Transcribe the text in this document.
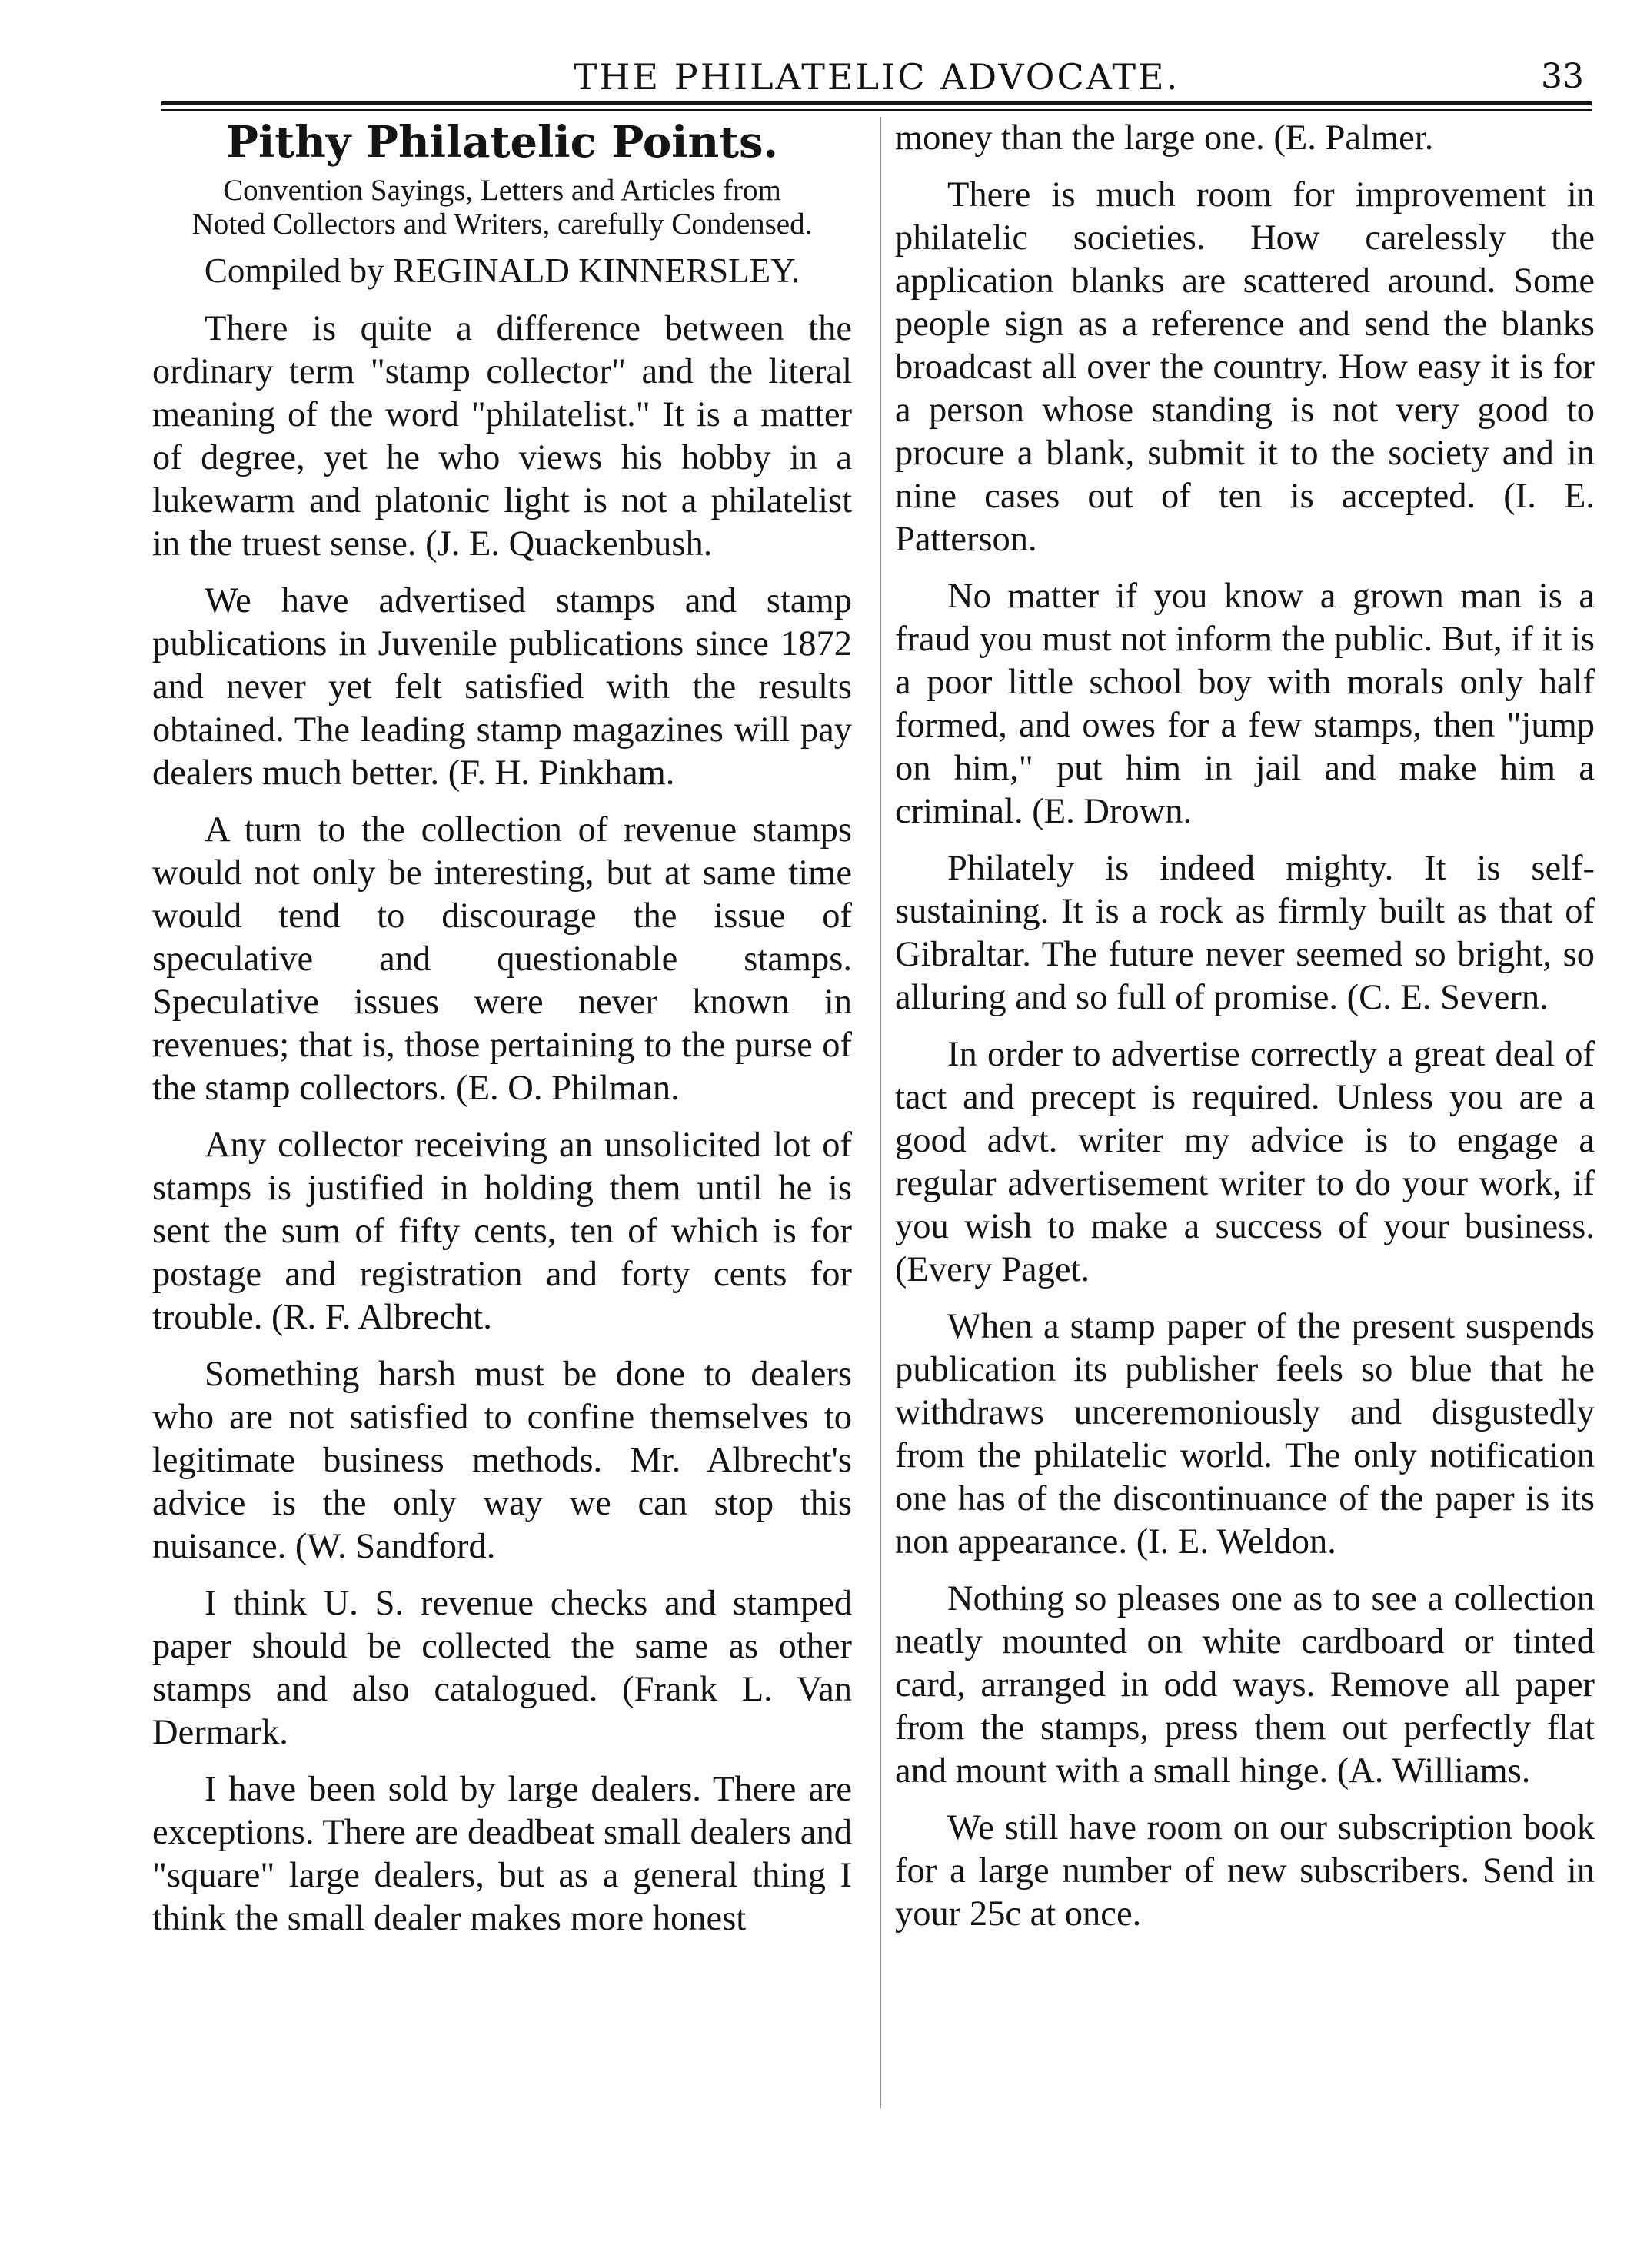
THE PHILATELIC ADVOCATE.	33
Pithy Philatelic Points.
Convention Sayings, Letters and Articles from Noted Collectors and Writers, carefully Condensed.
Compiled by REGINALD KINNERSLEY.

There is quite a difference between the ordinary term "stamp collector" and the literal meaning of the word "philatelist." It is a matter of degree, yet he who views his hobby in a lukewarm and platonic light is not a philatelist in the truest sense. (J. E. Quackenbush.

We have advertised stamps and stamp publications in Juvenile publications since 1872 and never yet felt satisfied with the results obtained. The leading stamp magazines will pay dealers much better. (F. H. Pinkham.

A turn to the collection of revenue stamps would not only be interesting, but at same time would tend to discourage the issue of speculative and questionable stamps. Speculative issues were never known in revenues; that is, those pertaining to the purse of the stamp collectors. (E. O. Philman.

Any collector receiving an unsolicited lot of stamps is justified in holding them until he is sent the sum of fifty cents, ten of which is for postage and registration and forty cents for trouble. (R. F. Albrecht.

Something harsh must be done to dealers who are not satisfied to confine themselves to legitimate business methods. Mr. Albrecht's advice is the only way we can stop this nuisance. (W. Sandford.

I think U. S. revenue checks and stamped paper should be collected the same as other stamps and also catalogued. (Frank L. Van Dermark.

I have been sold by large dealers. There are exceptions. There are deadbeat small dealers and "square" large dealers, but as a general thing I think the small dealer makes more honest

money than the large one. (E. Palmer.

There is much room for improvement in philatelic societies. How carelessly the application blanks are scattered around. Some people sign as a reference and send the blanks broadcast all over the country. How easy it is for a person whose standing is not very good to procure a blank, submit it to the society and in nine cases out of ten is accepted. (I. E. Patterson.

No matter if you know a grown man is a fraud you must not inform the public. But, if it is a poor little school boy with morals only half formed, and owes for a few stamps, then "jump on him," put him in jail and make him a criminal. (E. Drown.

Philately is indeed mighty. It is self-sustaining. It is a rock as firmly built as that of Gibraltar. The future never seemed so bright, so alluring and so full of promise. (C. E. Severn.

In order to advertise correctly a great deal of tact and precept is required. Unless you are a good advt. writer my advice is to engage a regular advertisement writer to do your work, if you wish to make a success of your business. (Every Paget.

When a stamp paper of the present suspends publication its publisher feels so blue that he withdraws unceremoniously and disgustedly from the philatelic world. The only notification one has of the discontinuance of the paper is its non appearance. (I. E. Weldon.

Nothing so pleases one as to see a collection neatly mounted on white cardboard or tinted card, arranged in odd ways. Remove all paper from the stamps, press them out perfectly flat and mount with a small hinge. (A. Williams.

We still have room on our subscription book for a large number of new subscribers. Send in your 25c at once.
